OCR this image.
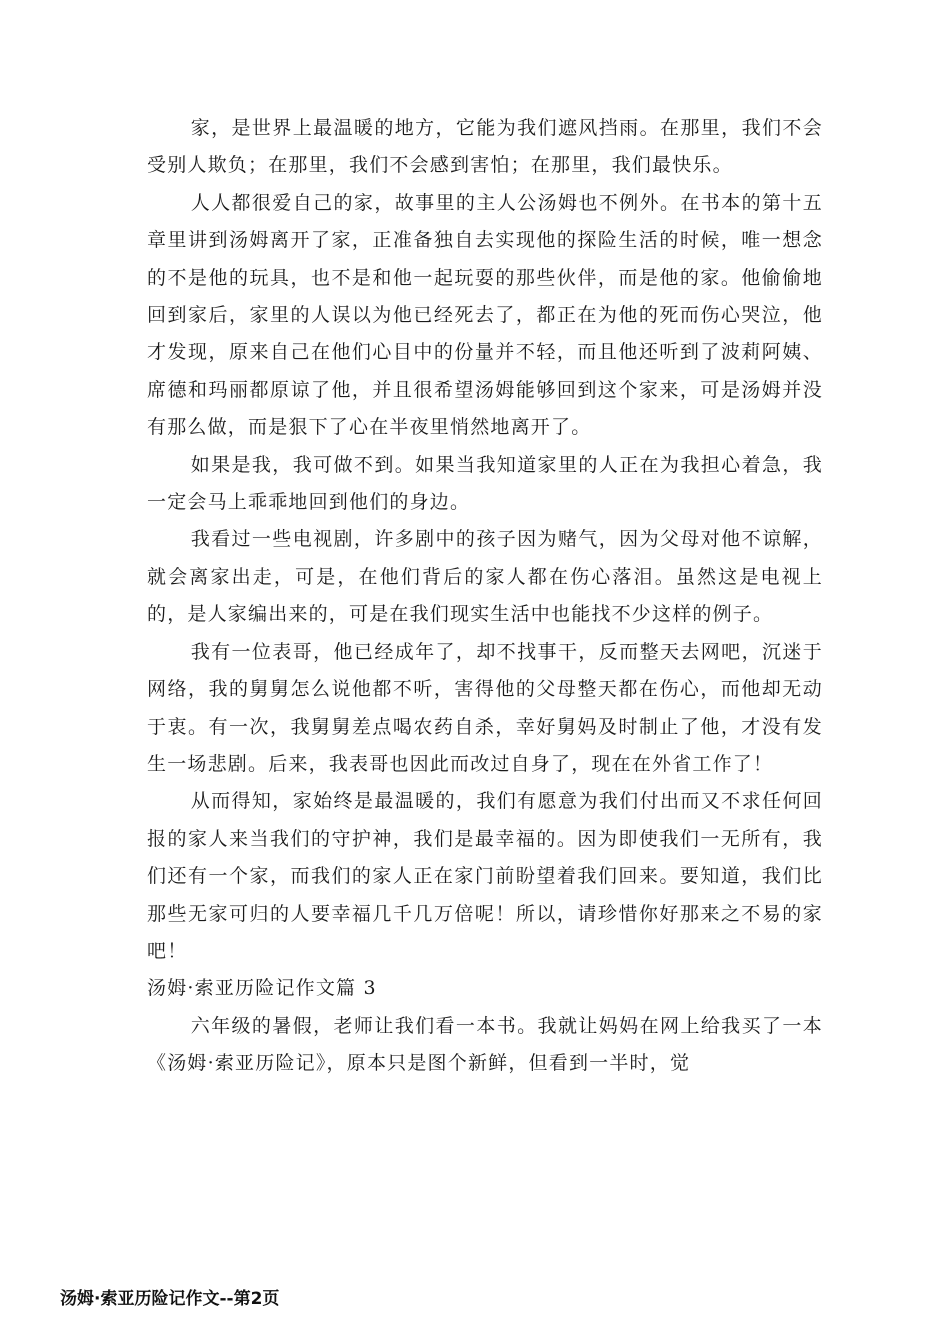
家，是世界上最温暖的地方，它能为我们遮风挡雨。在那里，我们不会受别人欺负；在那里，我们不会感到害怕；在那里，我们最快乐。

人人都很爱自己的家，故事里的主人公汤姆也不例外。在书本的第十五章里讲到汤姆离开了家，正准备独自去实现他的探险生活的时候，唯一想念的不是他的玩具，也不是和他一起玩耍的那些伙伴，而是他的家。他偷偷地回到家后，家里的人误以为他已经死去了，都正在为他的死而伤心哭泣，他才发现，原来自己在他们心目中的份量并不轻，而且他还听到了波莉阿姨、席德和玛丽都原谅了他，并且很希望汤姆能够回到这个家来，可是汤姆并没有那么做，而是狠下了心在半夜里悄然地离开了。

如果是我，我可做不到。如果当我知道家里的人正在为我担心着急，我一定会马上乖乖地回到他们的身边。

我看过一些电视剧，许多剧中的孩子因为赌气，因为父母对他不谅解，就会离家出走，可是，在他们背后的家人都在伤心落泪。虽然这是电视上的，是人家编出来的，可是在我们现实生活中也能找不少这样的例子。

我有一位表哥，他已经成年了，却不找事干，反而整天去网吧，沉迷于网络，我的舅舅怎么说他都不听，害得他的父母整天都在伤心，而他却无动于衷。有一次，我舅舅差点喝农药自杀，幸好舅妈及时制止了他，才没有发生一场悲剧。后来，我表哥也因此而改过自身了，现在在外省工作了！

从而得知，家始终是最温暖的，我们有愿意为我们付出而又不求任何回报的家人来当我们的守护神，我们是最幸福的。因为即使我们一无所有，我们还有一个家，而我们的家人正在家门前盼望着我们回来。要知道，我们比那些无家可归的人要幸福几千几万倍呢！所以，请珍惜你好那来之不易的家吧！

汤姆·索亚历险记作文篇 3

六年级的暑假，老师让我们看一本书。我就让妈妈在网上给我买了一本《汤姆·索亚历险记》，原本只是图个新鲜，但看到一半时，觉

汤姆·索亚历险记作文--第2页
